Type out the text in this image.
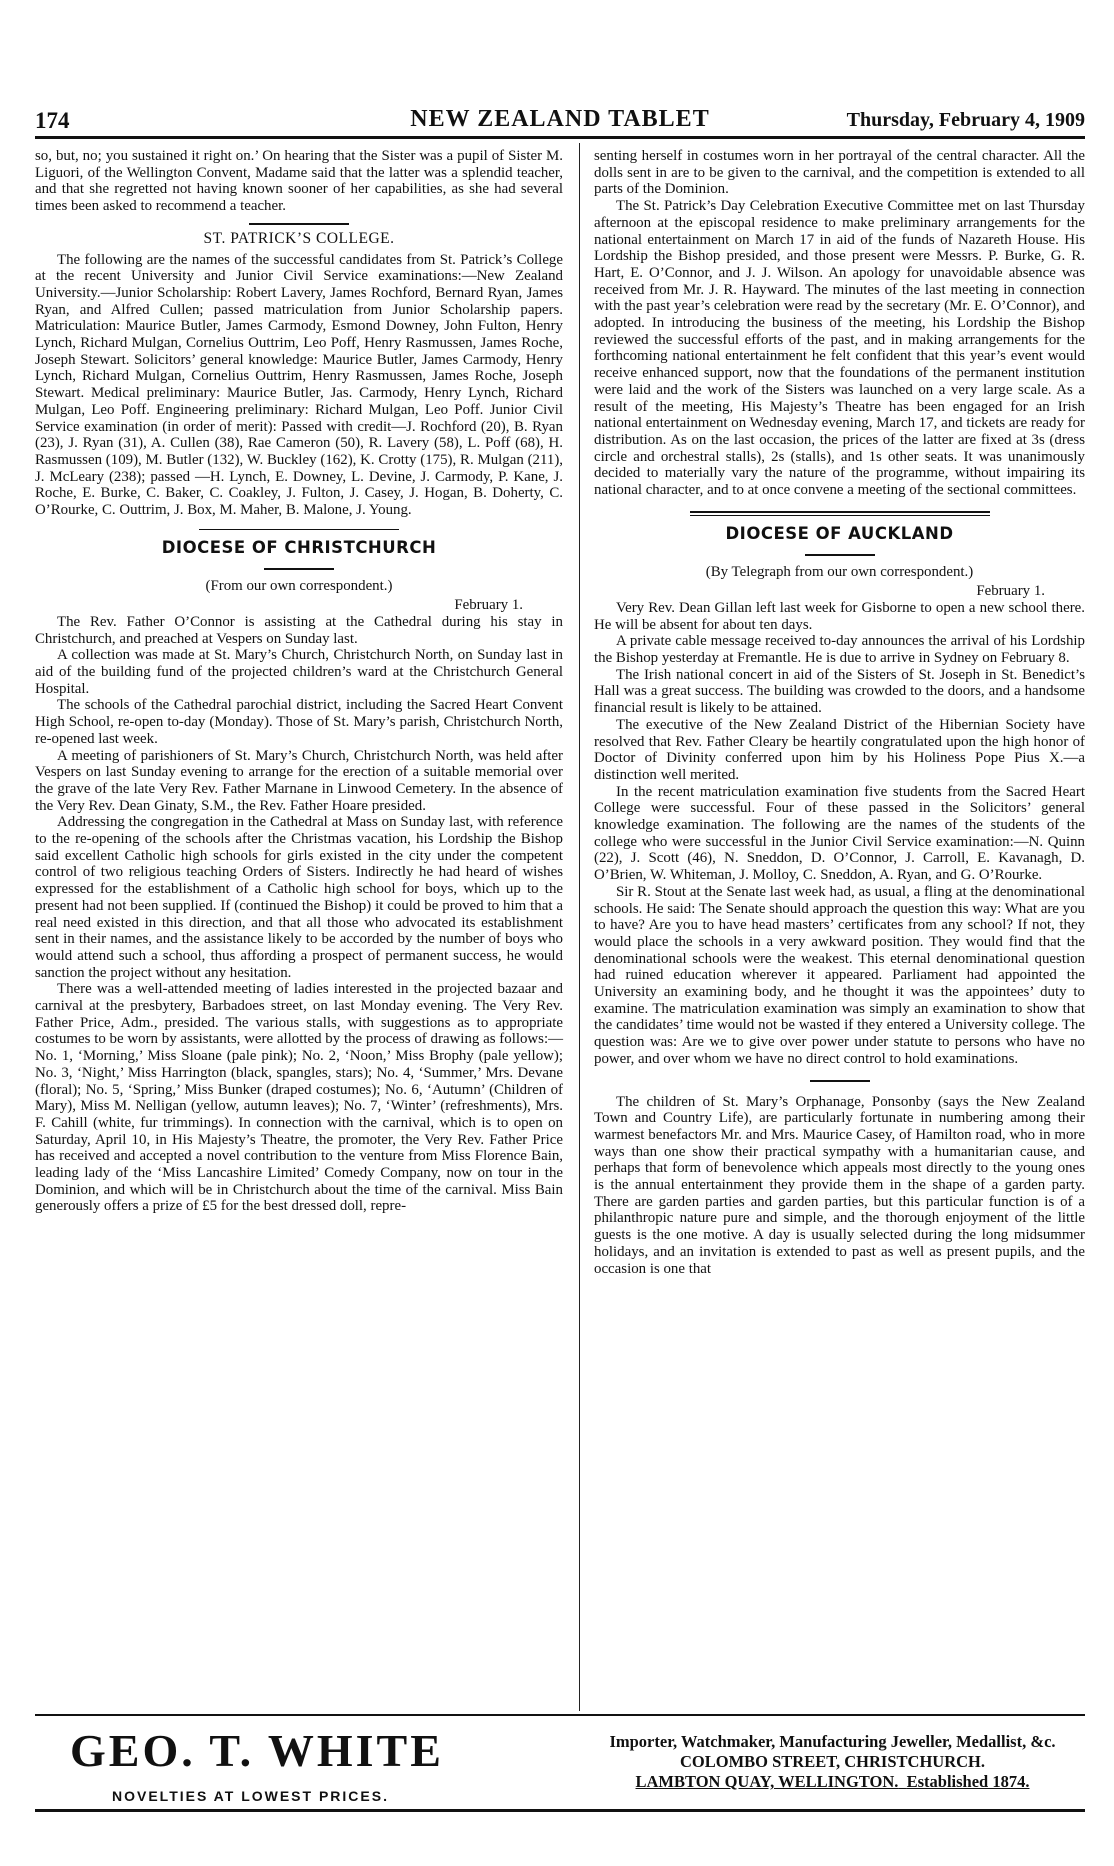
174	NEW ZEALAND TABLET	Thursday, February 4, 1909

so, but, no; you sustained it right on.’ On hearing that the Sister was a pupil of Sister M. Liguori, of the Wellington Convent, Madame said that the latter was a splendid teacher, and that she regretted not having known sooner of her capabilities, as she had several times been asked to recommend a teacher.

ST. PATRICK’S COLLEGE.

The following are the names of the successful candidates from St. Patrick’s College at the recent University and Junior Civil Service examinations:—New Zealand University.—Junior Scholarship: Robert Lavery, James Rochford, Bernard Ryan, James Ryan, and Alfred Cullen; passed matriculation from Junior Scholarship papers. Matriculation: Maurice Butler, James Carmody, Esmond Downey, John Fulton, Henry Lynch, Richard Mulgan, Cornelius Outtrim, Leo Poff, Henry Rasmussen, James Roche, Joseph Stewart. Solicitors’ general knowledge: Maurice Butler, James Carmody, Henry Lynch, Richard Mulgan, Cornelius Outtrim, Henry Rasmussen, James Roche, Joseph Stewart. Medical preliminary: Maurice Butler, Jas. Carmody, Henry Lynch, Richard Mulgan, Leo Poff. Engineering preliminary: Richard Mulgan, Leo Poff. Junior Civil Service examination (in order of merit): Passed with credit—J. Rochford (20), B. Ryan (23), J. Ryan (31), A. Cullen (38), Rae Cameron (50), R. Lavery (58), L. Poff (68), H. Rasmussen (109), M. Butler (132), W. Buckley (162), K. Crotty (175), R. Mulgan (211), J. McLeary (238); passed —H. Lynch, E. Downey, L. Devine, J. Carmody, P. Kane, J. Roche, E. Burke, C. Baker, C. Coakley, J. Fulton, J. Casey, J. Hogan, B. Doherty, C. O’Rourke, C. Outtrim, J. Box, M. Maher, B. Malone, J. Young.

DIOCESE OF CHRISTCHURCH
(From our own correspondent.)

February 1.

The Rev. Father O’Connor is assisting at the Cathedral during his stay in Christchurch, and preached at Vespers on Sunday last.

A collection was made at St. Mary’s Church, Christchurch North, on Sunday last in aid of the building fund of the projected children’s ward at the Christchurch General Hospital.

The schools of the Cathedral parochial district, including the Sacred Heart Convent High School, re-open to-day (Monday). Those of St. Mary’s parish, Christchurch North, re-opened last week.

A meeting of parishioners of St. Mary’s Church, Christchurch North, was held after Vespers on last Sunday evening to arrange for the erection of a suitable memorial over the grave of the late Very Rev. Father Marnane in Linwood Cemetery. In the absence of the Very Rev. Dean Ginaty, S.M., the Rev. Father Hoare presided.

Addressing the congregation in the Cathedral at Mass on Sunday last, with reference to the re-opening of the schools after the Christmas vacation, his Lordship the Bishop said excellent Catholic high schools for girls existed in the city under the competent control of two religious teaching Orders of Sisters. Indirectly he had heard of wishes expressed for the establishment of a Catholic high school for boys, which up to the present had not been supplied. If (continued the Bishop) it could be proved to him that a real need existed in this direction, and that all those who advocated its establishment sent in their names, and the assistance likely to be accorded by the number of boys who would attend such a school, thus affording a prospect of permanent success, he would sanction the project without any hesitation.

There was a well-attended meeting of ladies interested in the projected bazaar and carnival at the presbytery, Barbadoes street, on last Monday evening. The Very Rev. Father Price, Adm., presided. The various stalls, with suggestions as to appropriate costumes to be worn by assistants, were allotted by the process of drawing as follows:—No. 1, ‘Morning,’ Miss Sloane (pale pink); No. 2, ‘Noon,’ Miss Brophy (pale yellow); No. 3, ‘Night,’ Miss Harrington (black, spangles, stars); No. 4, ‘Summer,’ Mrs. Devane (floral); No. 5, ‘Spring,’ Miss Bunker (draped costumes); No. 6, ‘Autumn’ (Children of Mary), Miss M. Nelligan (yellow, autumn leaves); No. 7, ‘Winter’ (refreshments), Mrs. F. Cahill (white, fur trimmings). In connection with the carnival, which is to open on Saturday, April 10, in His Majesty’s Theatre, the promoter, the Very Rev. Father Price has received and accepted a novel contribution to the venture from Miss Florence Bain, leading lady of the ‘Miss Lancashire Limited’ Comedy Company, now on tour in the Dominion, and which will be in Christchurch about the time of the carnival. Miss Bain generously offers a prize of £5 for the best dressed doll, repre-

senting herself in costumes worn in her portrayal of the central character. All the dolls sent in are to be given to the carnival, and the competition is extended to all parts of the Dominion.

The St. Patrick’s Day Celebration Executive Committee met on last Thursday afternoon at the episcopal residence to make preliminary arrangements for the national entertainment on March 17 in aid of the funds of Nazareth House. His Lordship the Bishop presided, and those present were Messrs. P. Burke, G. R. Hart, E. O’Connor, and J. J. Wilson. An apology for unavoidable absence was received from Mr. J. R. Hayward. The minutes of the last meeting in connection with the past year’s celebration were read by the secretary (Mr. E. O’Connor), and adopted. In introducing the business of the meeting, his Lordship the Bishop reviewed the successful efforts of the past, and in making arrangements for the forthcoming national entertainment he felt confident that this year’s event would receive enhanced support, now that the foundations of the permanent institution were laid and the work of the Sisters was launched on a very large scale. As a result of the meeting, His Majesty’s Theatre has been engaged for an Irish national entertainment on Wednesday evening, March 17, and tickets are ready for distribution. As on the last occasion, the prices of the latter are fixed at 3s (dress circle and orchestral stalls), 2s (stalls), and 1s other seats. It was unanimously decided to materially vary the nature of the programme, without impairing its national character, and to at once convene a meeting of the sectional committees.

DIOCESE OF AUCKLAND
(By Telegraph from our own correspondent.)

February 1.

Very Rev. Dean Gillan left last week for Gisborne to open a new school there. He will be absent for about ten days.

A private cable message received to-day announces the arrival of his Lordship the Bishop yesterday at Fremantle. He is due to arrive in Sydney on February 8.

The Irish national concert in aid of the Sisters of St. Joseph in St. Benedict’s Hall was a great success. The building was crowded to the doors, and a handsome financial result is likely to be attained.

The executive of the New Zealand District of the Hibernian Society have resolved that Rev. Father Cleary be heartily congratulated upon the high honor of Doctor of Divinity conferred upon him by his Holiness Pope Pius X.—a distinction well merited.

In the recent matriculation examination five students from the Sacred Heart College were successful. Four of these passed in the Solicitors’ general knowledge examination. The following are the names of the students of the college who were successful in the Junior Civil Service examination:—N. Quinn (22), J. Scott (46), N. Sneddon, D. O’Connor, J. Carroll, E. Kavanagh, D. O’Brien, W. Whiteman, J. Molloy, C. Sneddon, A. Ryan, and G. O’Rourke.

Sir R. Stout at the Senate last week had, as usual, a fling at the denominational schools. He said: The Senate should approach the question this way: What are you to have? Are you to have head masters’ certificates from any school? If not, they would place the schools in a very awkward position. They would find that the denominational schools were the weakest. This eternal denominational question had ruined education wherever it appeared. Parliament had appointed the University an examining body, and he thought it was the appointees’ duty to examine. The matriculation examination was simply an examination to show that the candidates’ time would not be wasted if they entered a University college. The question was: Are we to give over power under statute to persons who have no power, and over whom we have no direct control to hold examinations.

The children of St. Mary’s Orphanage, Ponsonby (says the New Zealand Town and Country Life), are particularly fortunate in numbering among their warmest benefactors Mr. and Mrs. Maurice Casey, of Hamilton road, who in more ways than one show their practical sympathy with a humanitarian cause, and perhaps that form of benevolence which appeals most directly to the young ones is the annual entertainment they provide them in the shape of a garden party. There are garden parties and garden parties, but this particular function is of a philanthropic nature pure and simple, and the thorough enjoyment of the little guests is the one motive. A day is usually selected during the long midsummer holidays, and an invitation is extended to past as well as present pupils, and the occasion is one that

GEO. T. WHITE
NOVELTIES AT LOWEST PRICES.
Importer, Watchmaker, Manufacturing Jeweller, Medallist, &c.
COLOMBO STREET, CHRISTCHURCH.
LAMBTON QUAY, WELLINGTON. Established 1874.
